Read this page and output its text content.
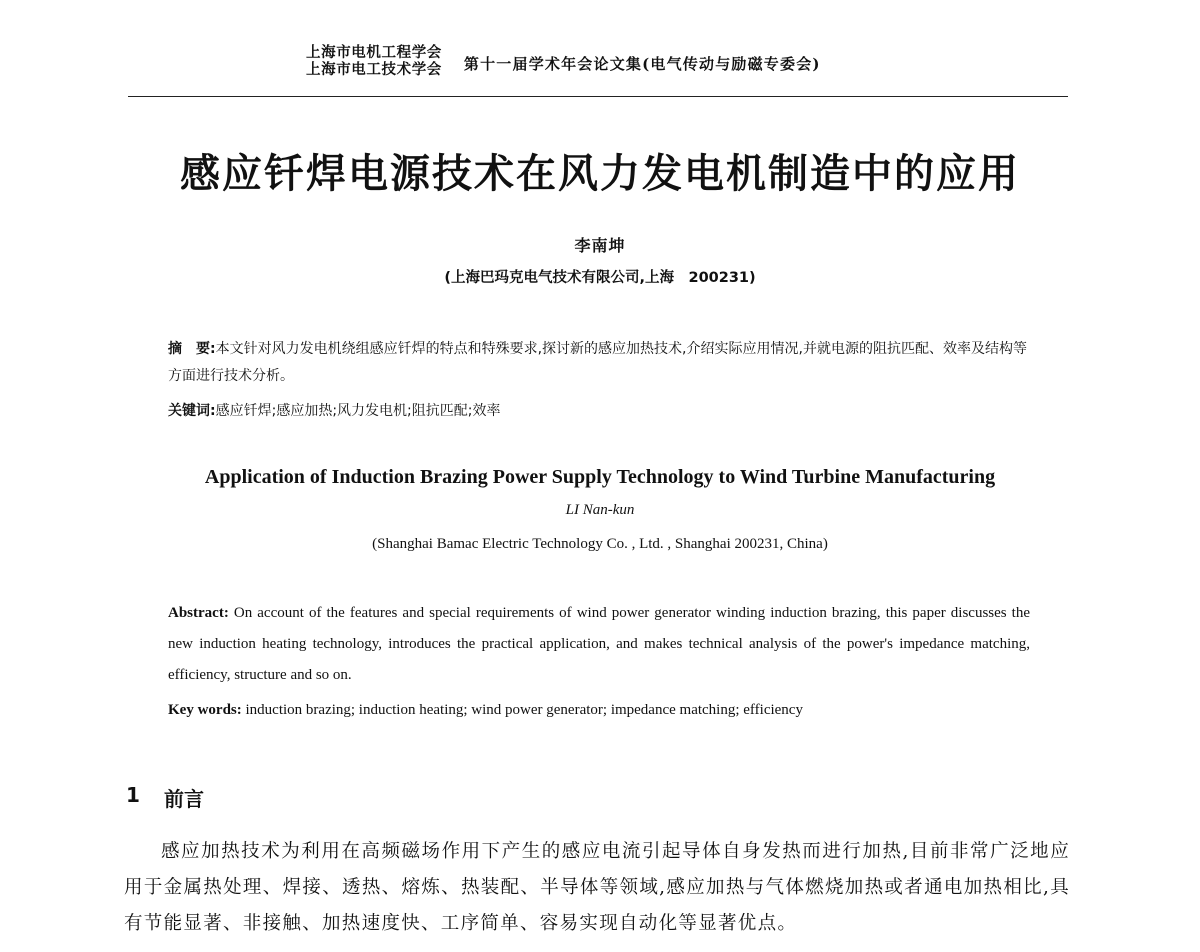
上海市电机工程学会
上海市电工技术学会 第十一届学术年会论文集(电气传动与励磁专委会)
感应钎焊电源技术在风力发电机制造中的应用
李南坤
(上海巴玛克电气技术有限公司,上海　200231)
摘　要:本文针对风力发电机绕组感应钎焊的特点和特殊要求,探讨新的感应加热技术,介绍实际应用情况,并就电源的阻抗匹配、效率及结构等方面进行技术分析。
关键词:感应钎焊;感应加热;风力发电机;阻抗匹配;效率
Application of Induction Brazing Power Supply Technology to Wind Turbine Manufacturing
LI Nan-kun
(Shanghai Bamac Electric Technology Co. , Ltd. , Shanghai 200231, China)
Abstract: On account of the features and special requirements of wind power generator winding induction brazing, this paper discusses the new induction heating technology, introduces the practical application, and makes technical analysis of the power's impedance matching, efficiency, structure and so on.
Key words: induction brazing; induction heating; wind power generator; impedance matching; efficiency
1	前言
感应加热技术为利用在高频磁场作用下产生的感应电流引起导体自身发热而进行加热,目前非常广泛地应用于金属热处理、焊接、透热、熔炼、热装配、半导体等领域,感应加热与气体燃烧加热或者通电加热相比,具有节能显著、非接触、加热速度快、工序简单、容易实现自动化等显著优点。
